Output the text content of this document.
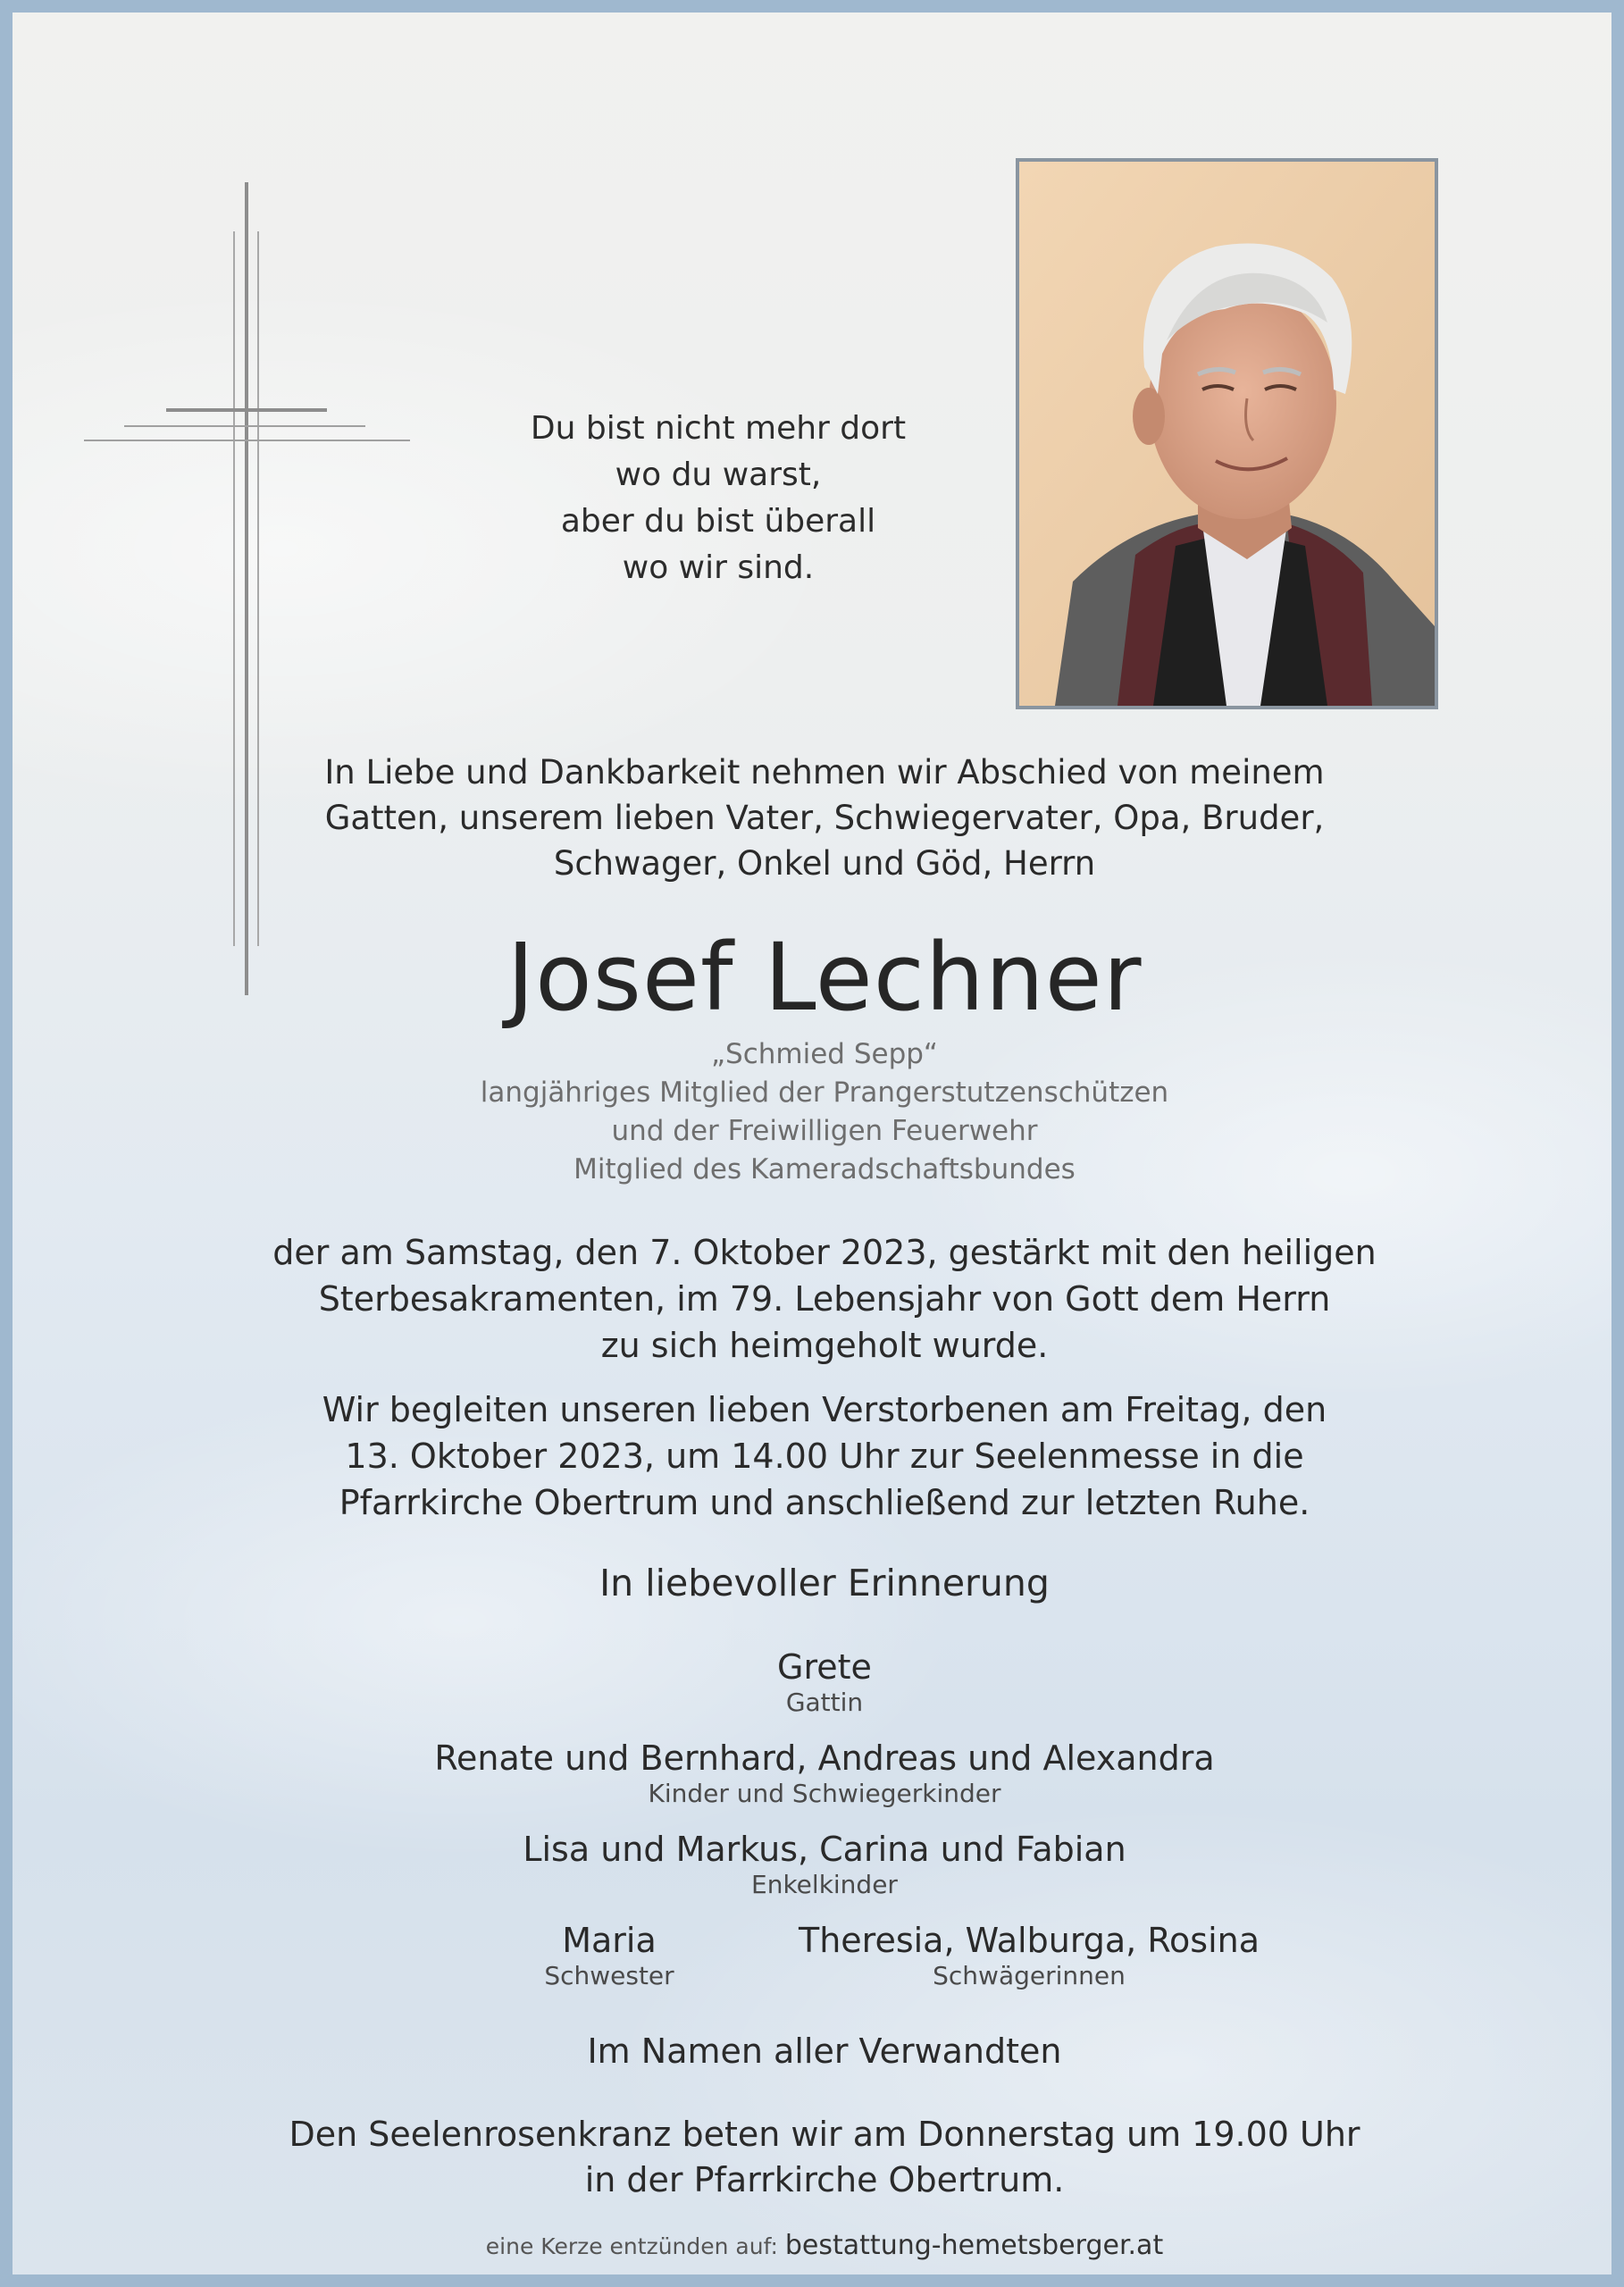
Du bist nicht mehr dort
wo du warst,
aber du bist überall
wo wir sind.
In Liebe und Dankbarkeit nehmen wir Abschied von meinem
Gatten, unserem lieben Vater, Schwiegervater, Opa, Bruder,
Schwager, Onkel und Göd, Herrn
Josef Lechner
„Schmied Sepp“
langjähriges Mitglied der Prangerstutzenschützen
und der Freiwilligen Feuerwehr
Mitglied des Kameradschaftsbundes
der am Samstag, den 7. Oktober 2023, gestärkt mit den heiligen
Sterbesakramenten, im 79. Lebensjahr von Gott dem Herrn
zu sich heimgeholt wurde.
Wir begleiten unseren lieben Verstorbenen am Freitag, den
13. Oktober 2023, um 14.00 Uhr zur Seelenmesse in die
Pfarrkirche Obertrum und anschließend zur letzten Ruhe.
In liebevoller Erinnerung
Grete
Gattin
Renate und Bernhard, Andreas und Alexandra
Kinder und Schwiegerkinder
Lisa und Markus, Carina und Fabian
Enkelkinder
Maria
Schwester
Theresia, Walburga, Rosina
Schwägerinnen
Im Namen aller Verwandten
Den Seelenrosenkranz beten wir am Donnerstag um 19.00 Uhr
in der Pfarrkirche Obertrum.
eine Kerze entzünden auf: bestattung-hemetsberger.at
